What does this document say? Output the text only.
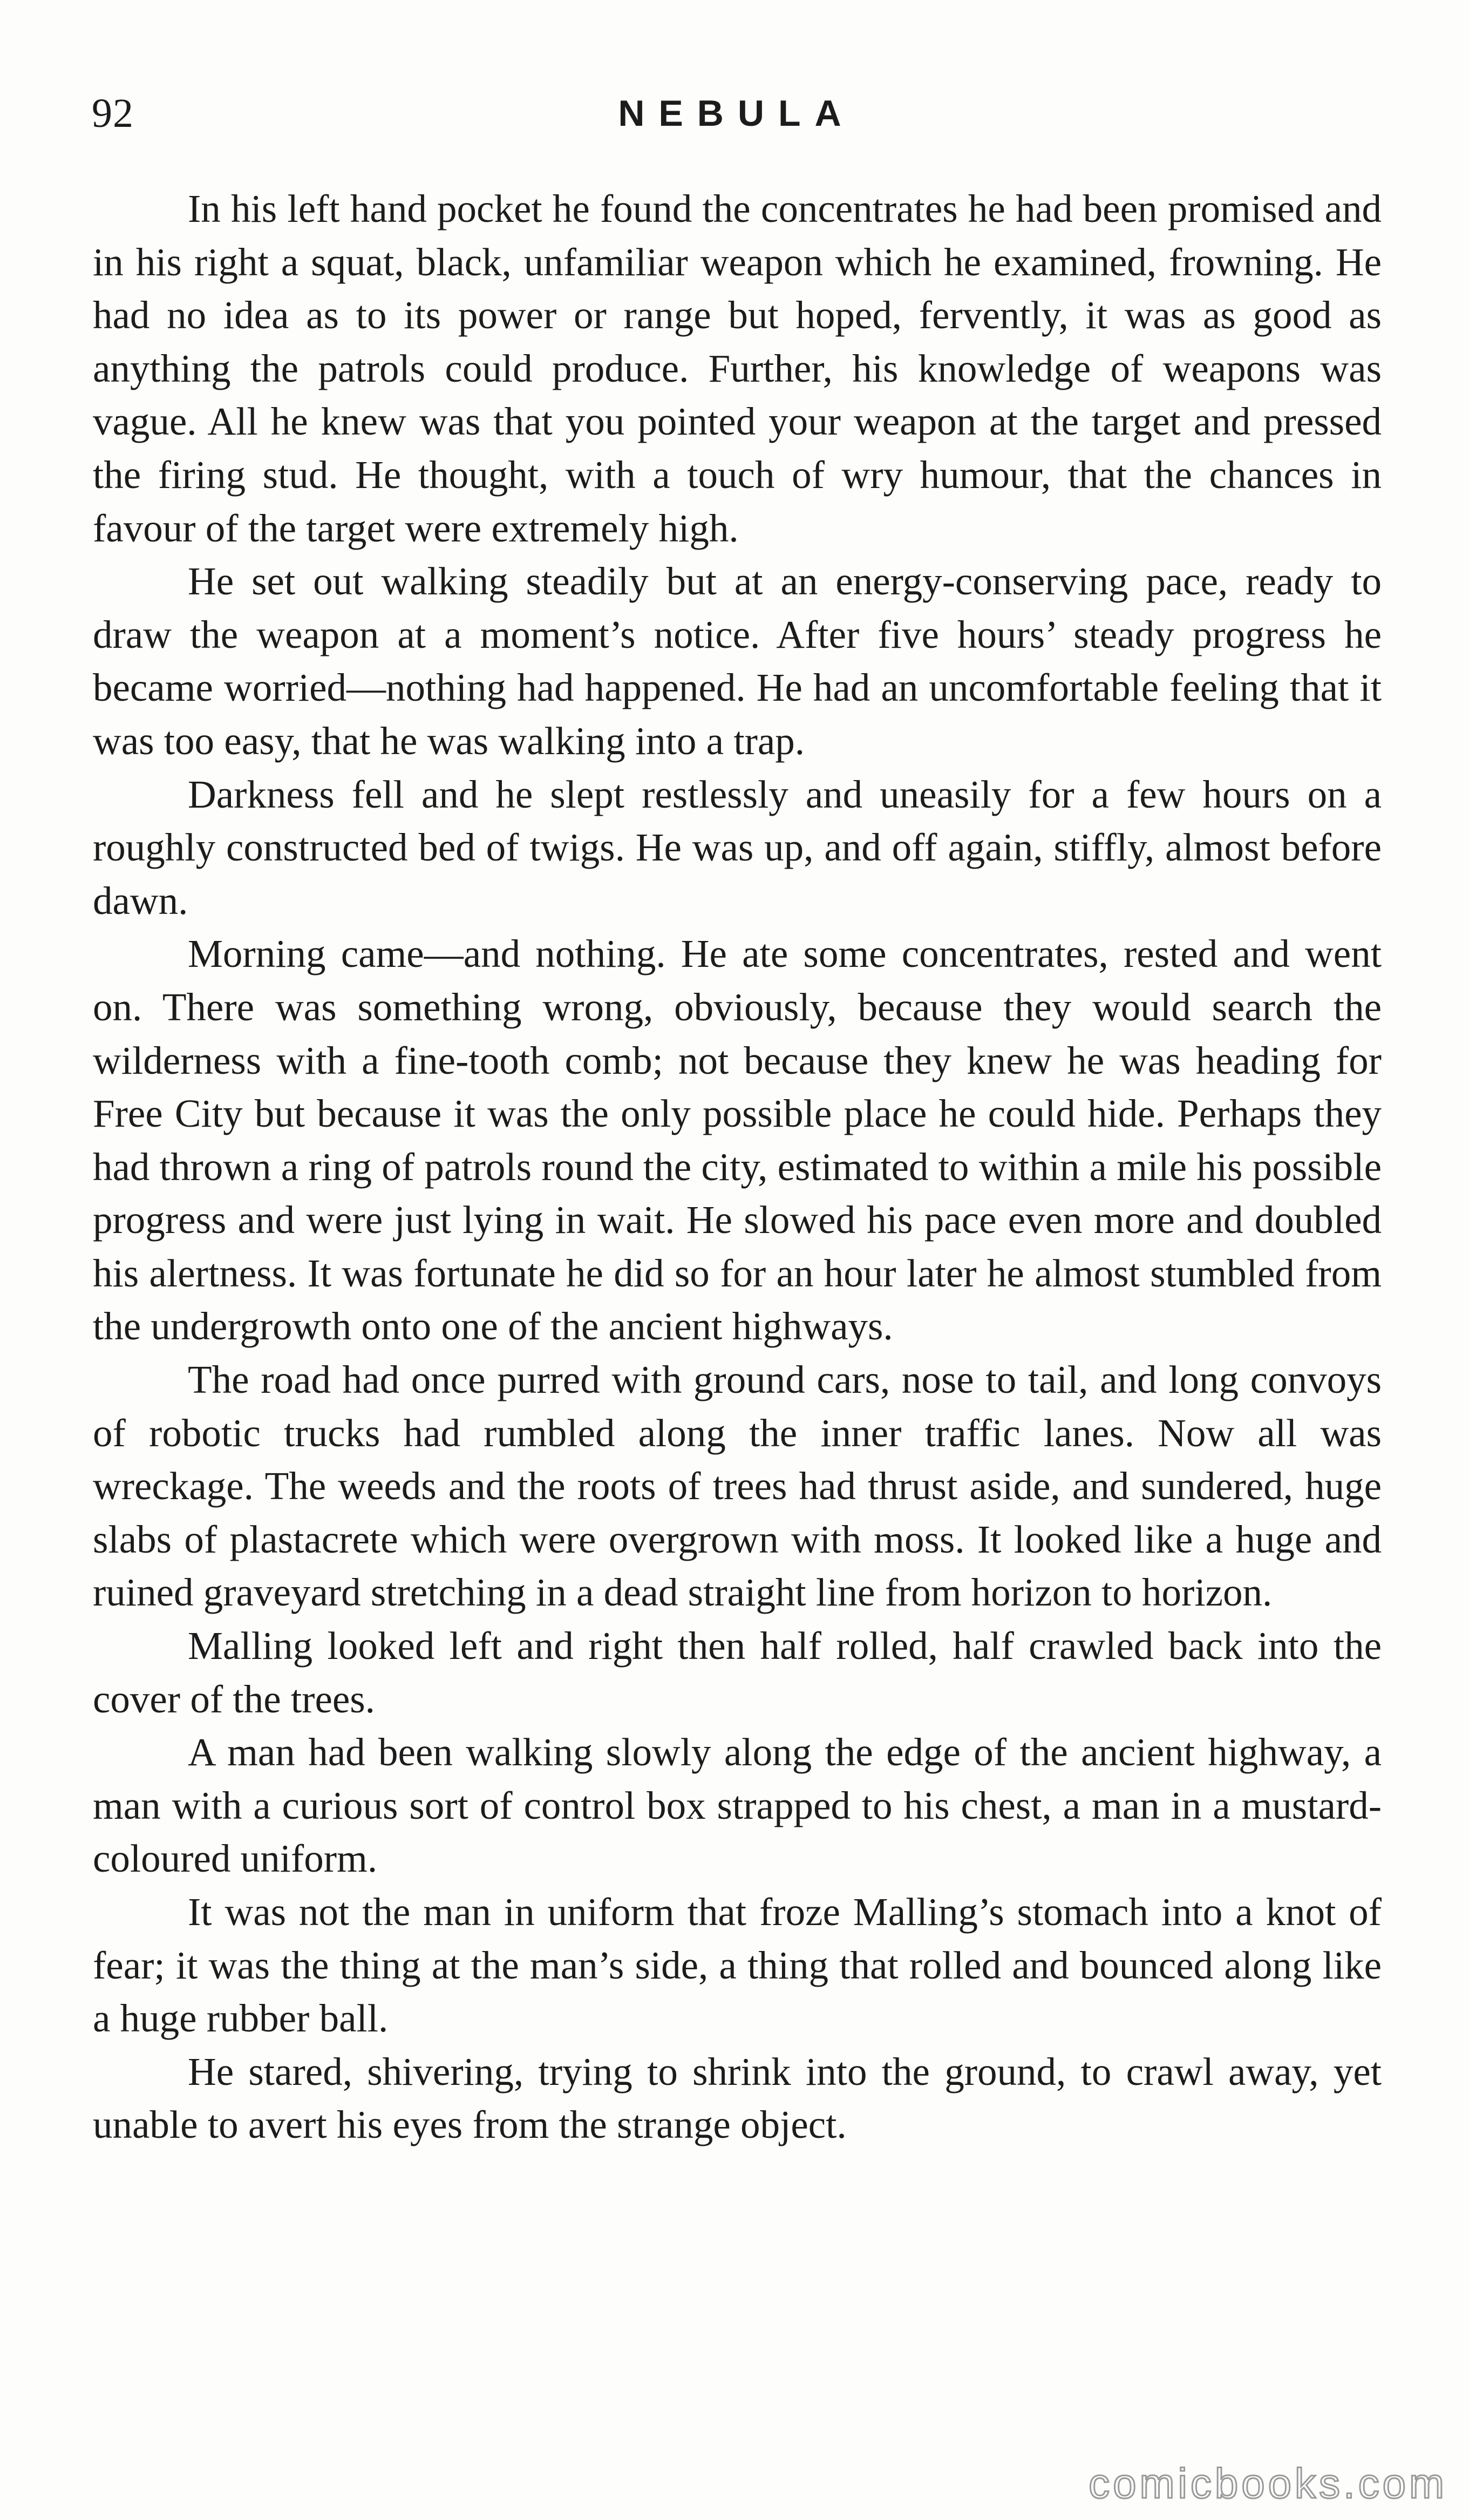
92	NEBULA

In his left hand pocket he found the concentrates he had been promised and in his right a squat, black, unfamiliar weapon which he examined, frowning. He had no idea as to its power or range but hoped, fervently, it was as good as anything the patrols could produce. Further, his knowledge of weapons was vague. All he knew was that you pointed your weapon at the target and pressed the firing stud. He thought, with a touch of wry humour, that the chances in favour of the target were extremely high.

He set out walking steadily but at an energy-conserving pace, ready to draw the weapon at a moment’s notice. After five hours’ steady progress he became worried—nothing had happened. He had an uncomfortable feeling that it was too easy, that he was walking into a trap.

Darkness fell and he slept restlessly and uneasily for a few hours on a roughly constructed bed of twigs. He was up, and off again, stiffly, almost before dawn.

Morning came—and nothing. He ate some concentrates, rested and went on. There was something wrong, obviously, because they would search the wilderness with a fine-tooth comb; not because they knew he was heading for Free City but because it was the only possible place he could hide. Perhaps they had thrown a ring of patrols round the city, estimated to within a mile his possible progress and were just lying in wait. He slowed his pace even more and doubled his alertness. It was fortunate he did so for an hour later he almost stumbled from the undergrowth onto one of the ancient highways.

The road had once purred with ground cars, nose to tail, and long convoys of robotic trucks had rumbled along the inner traffic lanes. Now all was wreckage. The weeds and the roots of trees had thrust aside, and sundered, huge slabs of plastacrete which were overgrown with moss. It looked like a huge and ruined graveyard stretching in a dead straight line from horizon to horizon.

Malling looked left and right then half rolled, half crawled back into the cover of the trees.

A man had been walking slowly along the edge of the ancient highway, a man with a curious sort of control box strapped to his chest, a man in a mustard-coloured uniform.

It was not the man in uniform that froze Malling’s stomach into a knot of fear; it was the thing at the man’s side, a thing that rolled and bounced along like a huge rubber ball.

He stared, shivering, trying to shrink into the ground, to crawl away, yet unable to avert his eyes from the strange object.

comicbooks.com
